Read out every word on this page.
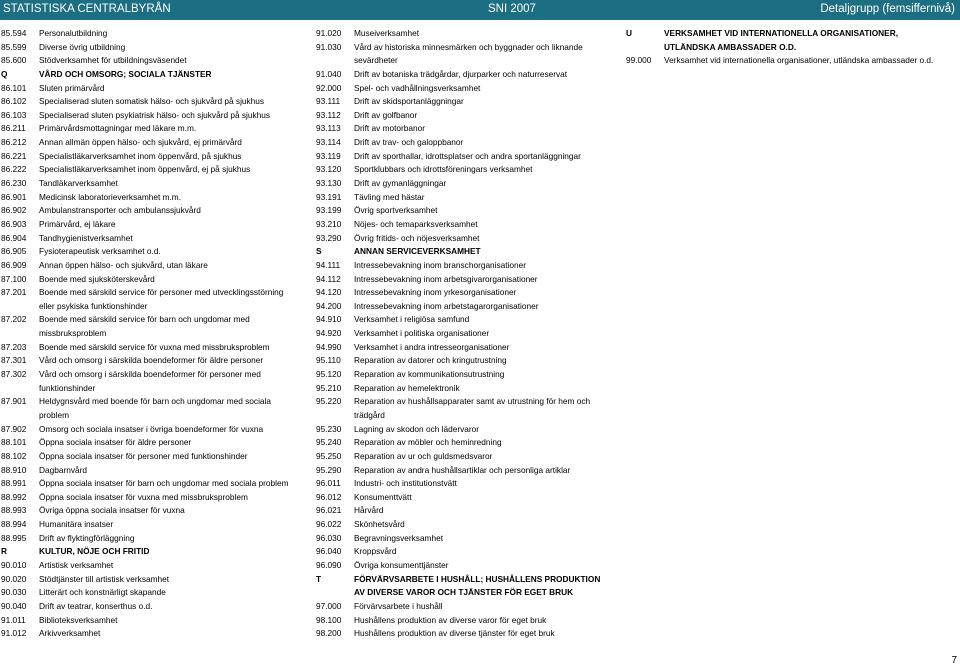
STATISTISKA CENTRALBYRÅN	SNI 2007	Detaljgrupp (femsiffernivå)
85.594	Personalutbildning
85.599	Diverse övrig utbildning
85.600	Stödverksamhet för utbildningsväsendet
Q	VÅRD OCH OMSORG; SOCIALA TJÄNSTER
86.101	Sluten primärvård
86.102	Specialiserad sluten somatisk hälso- och sjukvård på sjukhus
86.103	Specialiserad sluten psykiatrisk hälso- och sjukvård på sjukhus
86.211	Primärvårdsmottagningar med läkare m.m.
86.212	Annan allmän öppen hälso- och sjukvård, ej primärvård
86.221	Specialistläkarverksamhet inom öppenvård, på sjukhus
86.222	Specialistläkarverksamhet inom öppenvård, ej på sjukhus
86.230	Tandläkarverksamhet
86.901	Medicinsk laboratorieverksamhet m.m.
86.902	Ambulanstransporter och ambulanssjukvård
86.903	Primärvård, ej läkare
86.904	Tandhygienistverksamhet
86.905	Fysioterapeutisk verksamhet o.d.
86.909	Annan öppen hälso- och sjukvård, utan läkare
87.100	Boende med sjuksköterskevård
87.201	Boende med särskild service för personer med utvecklingsstörning
eller psykiska funktionshinder
87.202	Boende med särskild service för barn och ungdomar med
missbruksproblem
87.203	Boende med särskild service för vuxna med missbruksproblem
87.301	Vård och omsorg i särskilda boendeformer för äldre personer
87.302	Vård och omsorg i särskilda boendeformer för personer med
funktionshinder
87.901	Heldygnsvård med boende för barn och ungdomar med sociala
problem
87.902	Omsorg och sociala insatser i övriga boendeformer för vuxna
88.101	Öppna sociala insatser för äldre personer
88.102	Öppna sociala insatser för personer med funktionshinder
88.910	Dagbarnvård
88.991	Öppna sociala insatser för barn och ungdomar med sociala problem
88.992	Öppna sociala insatser för vuxna med missbruksproblem
88.993	Övriga öppna sociala insatser för vuxna
88.994	Humanitära insatser
88.995	Drift av flyktingförläggning
R	KULTUR, NÖJE OCH FRITID
90.010	Artistisk verksamhet
90.020	Stödtjänster till artistisk verksamhet
90.030	Litterärt och konstnärligt skapande
90.040	Drift av teatrar, konserthus o.d.
91.011	Biblioteksverksamhet
91.012	Arkivverksamhet
91.020	Museiverksamhet
91.030	Vård av historiska minnesmärken och byggnader och liknande
sevärdheter
91.040	Drift av botaniska trädgårdar, djurparker och naturreservat
92.000	Spel- och vadhållningsverksamhet
93.111	Drift av skidsportanläggningar
93.112	Drift av golfbanor
93.113	Drift av motorbanor
93.114	Drift av trav- och galoppbanor
93.119	Drift av sporthallar, idrottsplatser och andra sportanläggningar
93.120	Sportklubbars och idrottsföreningars verksamhet
93.130	Drift av gymanläggningar
93.191	Tävling med hästar
93.199	Övrig sportverksamhet
93.210	Nöjes- och temaparksverksamhet
93.290	Övrig fritids- och nöjesverksamhet
S	ANNAN SERVICEVERKSAMHET
94.111	Intressebevakning inom branschorganisationer
94.112	Intressebevakning inom arbetsgivarorganisationer
94.120	Intressebevakning inom yrkesorganisationer
94.200	Intressebevakning inom arbetstagarorganisationer
94.910	Verksamhet i religiösa samfund
94.920	Verksamhet i politiska organisationer
94.990	Verksamhet i andra intresseorganisationer
95.110	Reparation av datorer och kringutrustning
95.120	Reparation av kommunikationsutrustning
95.210	Reparation av hemelektronik
95.220	Reparation av hushållsapparater samt av utrustning för hem och
trädgård
95.230	Lagning av skodon och lädervaror
95.240	Reparation av möbler och heminredning
95.250	Reparation av ur och guldsmedsvaror
95.290	Reparation av andra hushållsartiklar och personliga artiklar
96.011	Industri- och institutionstvätt
96.012	Konsumenttvätt
96.021	Hårvård
96.022	Skönhetsvård
96.030	Begravningsverksamhet
96.040	Kroppsvård
96.090	Övriga konsumenttjänster
T	FÖRVÄRVSARBETE I HUSHÅLL; HUSHÅLLENS PRODUKTION
AV DIVERSE VAROR OCH TJÄNSTER FÖR EGET BRUK
97.000	Förvärvsarbete i hushåll
98.100	Hushållens produktion av diverse varor för eget bruk
98.200	Hushållens produktion av diverse tjänster för eget bruk
U	VERKSAMHET VID INTERNATIONELLA ORGANISATIONER,
UTLÄNDSKA AMBASSADER O.D.
99.000	Verksamhet vid internationella organisationer, utländska ambassader o.d.
7
